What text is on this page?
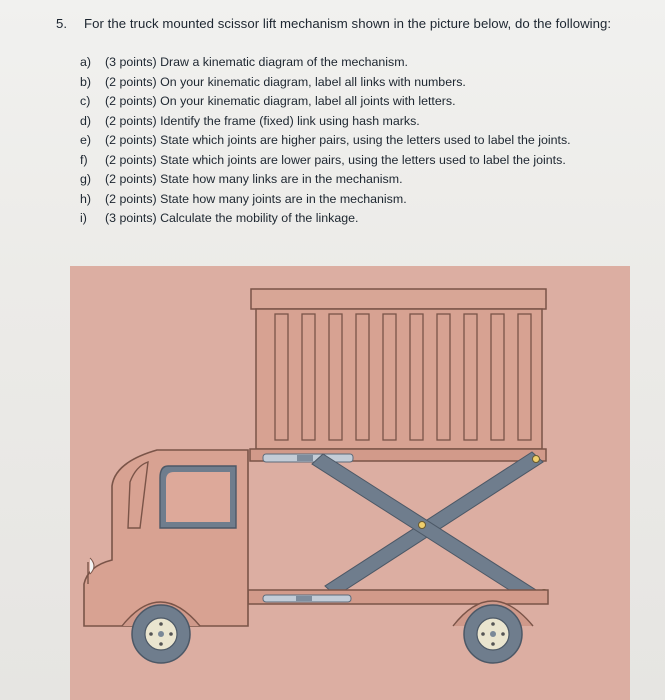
5. For the truck mounted scissor lift mechanism shown in the picture below, do the following:
a)	(3 points) Draw a kinematic diagram of the mechanism.
b)	(2 points) On your kinematic diagram, label all links with numbers.
c)	(2 points) On your kinematic diagram, label all joints with letters.
d)	(2 points) Identify the frame (fixed) link using hash marks.
e)	(2 points) State which joints are higher pairs, using the letters used to label the joints.
f)	(2 points) State which joints are lower pairs, using the letters used to label the joints.
g)	(2 points) State how many links are in the mechanism.
h)	(2 points) State how many joints are in the mechanism.
i)	(3 points) Calculate the mobility of the linkage.
